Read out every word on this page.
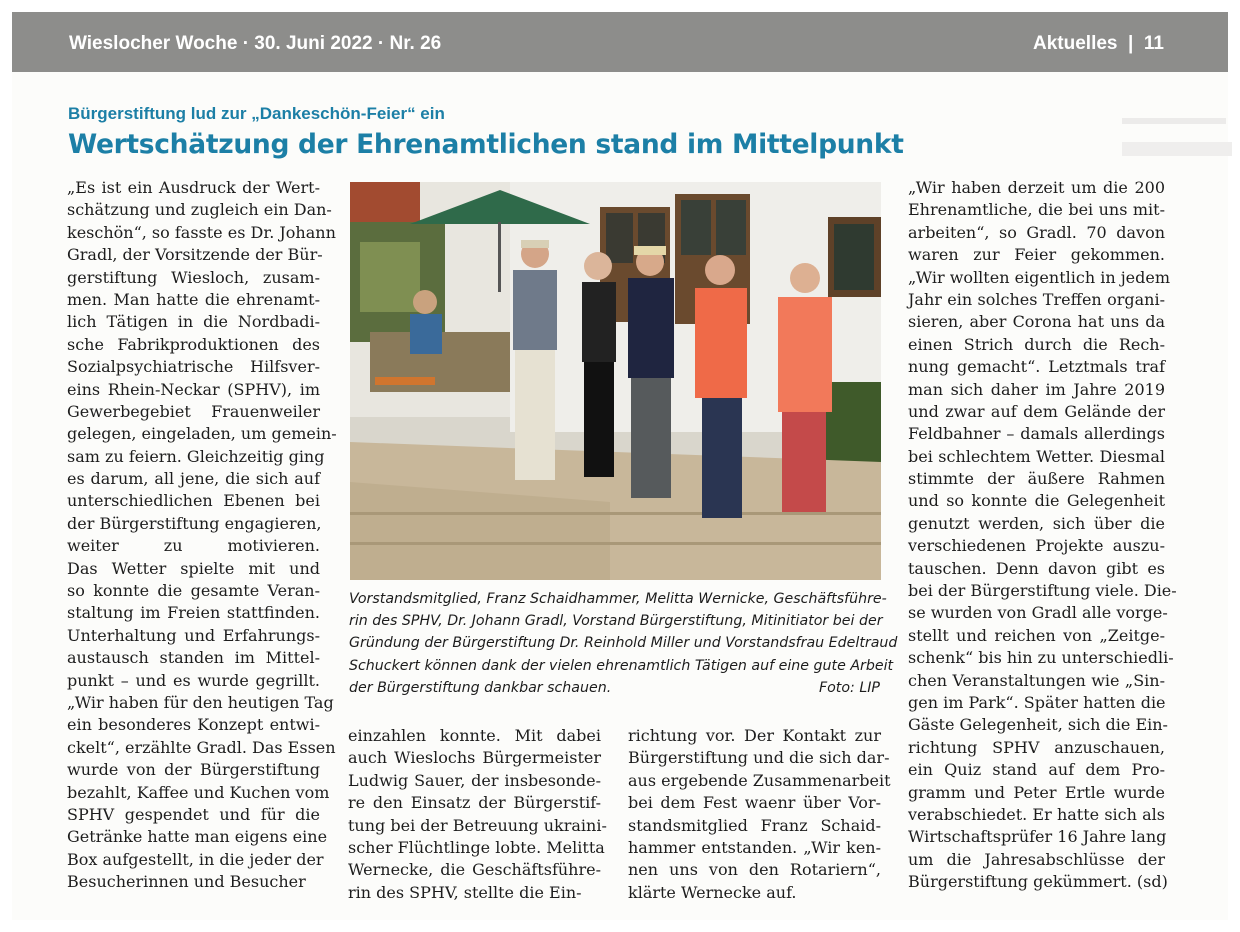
Wieslocher Woche · 30. Juni 2022 · Nr. 26	Aktuelles  |  11
Bürgerstiftung lud zur „Dankeschön-Feier“ ein
Wertschätzung der Ehrenamtlichen stand im Mittelpunkt
„Es ist ein Ausdruck der Wert-
schätzung und zugleich ein Dan-
keschön“, so fasste es Dr. Johann
Gradl, der Vorsitzende der Bür-
gerstiftung Wiesloch, zusam-
men. Man hatte die ehrenamt-
lich Tätigen in die Nordbadi-
sche Fabrikproduktionen des
Sozialpsychiatrische Hilfsver-
eins Rhein-Neckar (SPHV), im
Gewerbegebiet Frauenweiler
gelegen, eingeladen, um gemein-
sam zu feiern. Gleichzeitig ging
es darum, all jene, die sich auf
unterschiedlichen Ebenen bei
der Bürgerstiftung engagieren,
weiter zu motivieren.
Das Wetter spielte mit und
so konnte die gesamte Veran-
staltung im Freien stattfinden.
Unterhaltung und Erfahrungs-
austausch standen im Mittel-
punkt – und es wurde gegrillt.
„Wir haben für den heutigen Tag
ein besonderes Konzept entwi-
ckelt“, erzählte Gradl. Das Essen
wurde von der Bürgerstiftung
bezahlt, Kaffee und Kuchen vom
SPHV gespendet und für die
Getränke hatte man eigens eine
Box aufgestellt, in die jeder der
Besucherinnen und Besucher
Vorstandsmitglied, Franz Schaidhammer, Melitta Wernicke, Geschäftsführe-
rin des SPHV, Dr. Johann Gradl, Vorstand Bürgerstiftung, Mitinitiator bei der
Gründung der Bürgerstiftung Dr. Reinhold Miller und Vorstandsfrau Edeltraud
Schuckert können dank der vielen ehrenamtlich Tätigen auf eine gute Arbeit
der Bürgerstiftung dankbar schauen.	Foto: LIP
einzahlen konnte. Mit dabei
auch Wieslochs Bürgermeister
Ludwig Sauer, der insbesonde-
re den Einsatz der Bürgerstif-
tung bei der Betreuung ukraini-
scher Flüchtlinge lobte. Melitta
Wernecke, die Geschäftsführe-
rin des SPHV, stellte die Ein-
richtung vor. Der Kontakt zur
Bürgerstiftung und die sich dar-
aus ergebende Zusammenarbeit
bei dem Fest waenr über Vor-
standsmitglied Franz Schaid-
hammer entstanden. „Wir ken-
nen uns von den Rotariern“,
klärte Wernecke auf.
„Wir haben derzeit um die 200
Ehrenamtliche, die bei uns mit-
arbeiten“, so Gradl. 70 davon
waren zur Feier gekommen.
„Wir wollten eigentlich in jedem
Jahr ein solches Treffen organi-
sieren, aber Corona hat uns da
einen Strich durch die Rech-
nung gemacht“. Letztmals traf
man sich daher im Jahre 2019
und zwar auf dem Gelände der
Feldbahner – damals allerdings
bei schlechtem Wetter. Diesmal
stimmte der äußere Rahmen
und so konnte die Gelegenheit
genutzt werden, sich über die
verschiedenen Projekte auszu-
tauschen. Denn davon gibt es
bei der Bürgerstiftung viele. Die-
se wurden von Gradl alle vorge-
stellt und reichen von „Zeitge-
schenk“ bis hin zu unterschiedli-
chen Veranstaltungen wie „Sin-
gen im Park“. Später hatten die
Gäste Gelegenheit, sich die Ein-
richtung SPHV anzuschauen,
ein Quiz stand auf dem Pro-
gramm und Peter Ertle wurde
verabschiedet. Er hatte sich als
Wirtschaftsprüfer 16 Jahre lang
um die Jahresabschlüsse der
Bürgerstiftung gekümmert. (sd)
